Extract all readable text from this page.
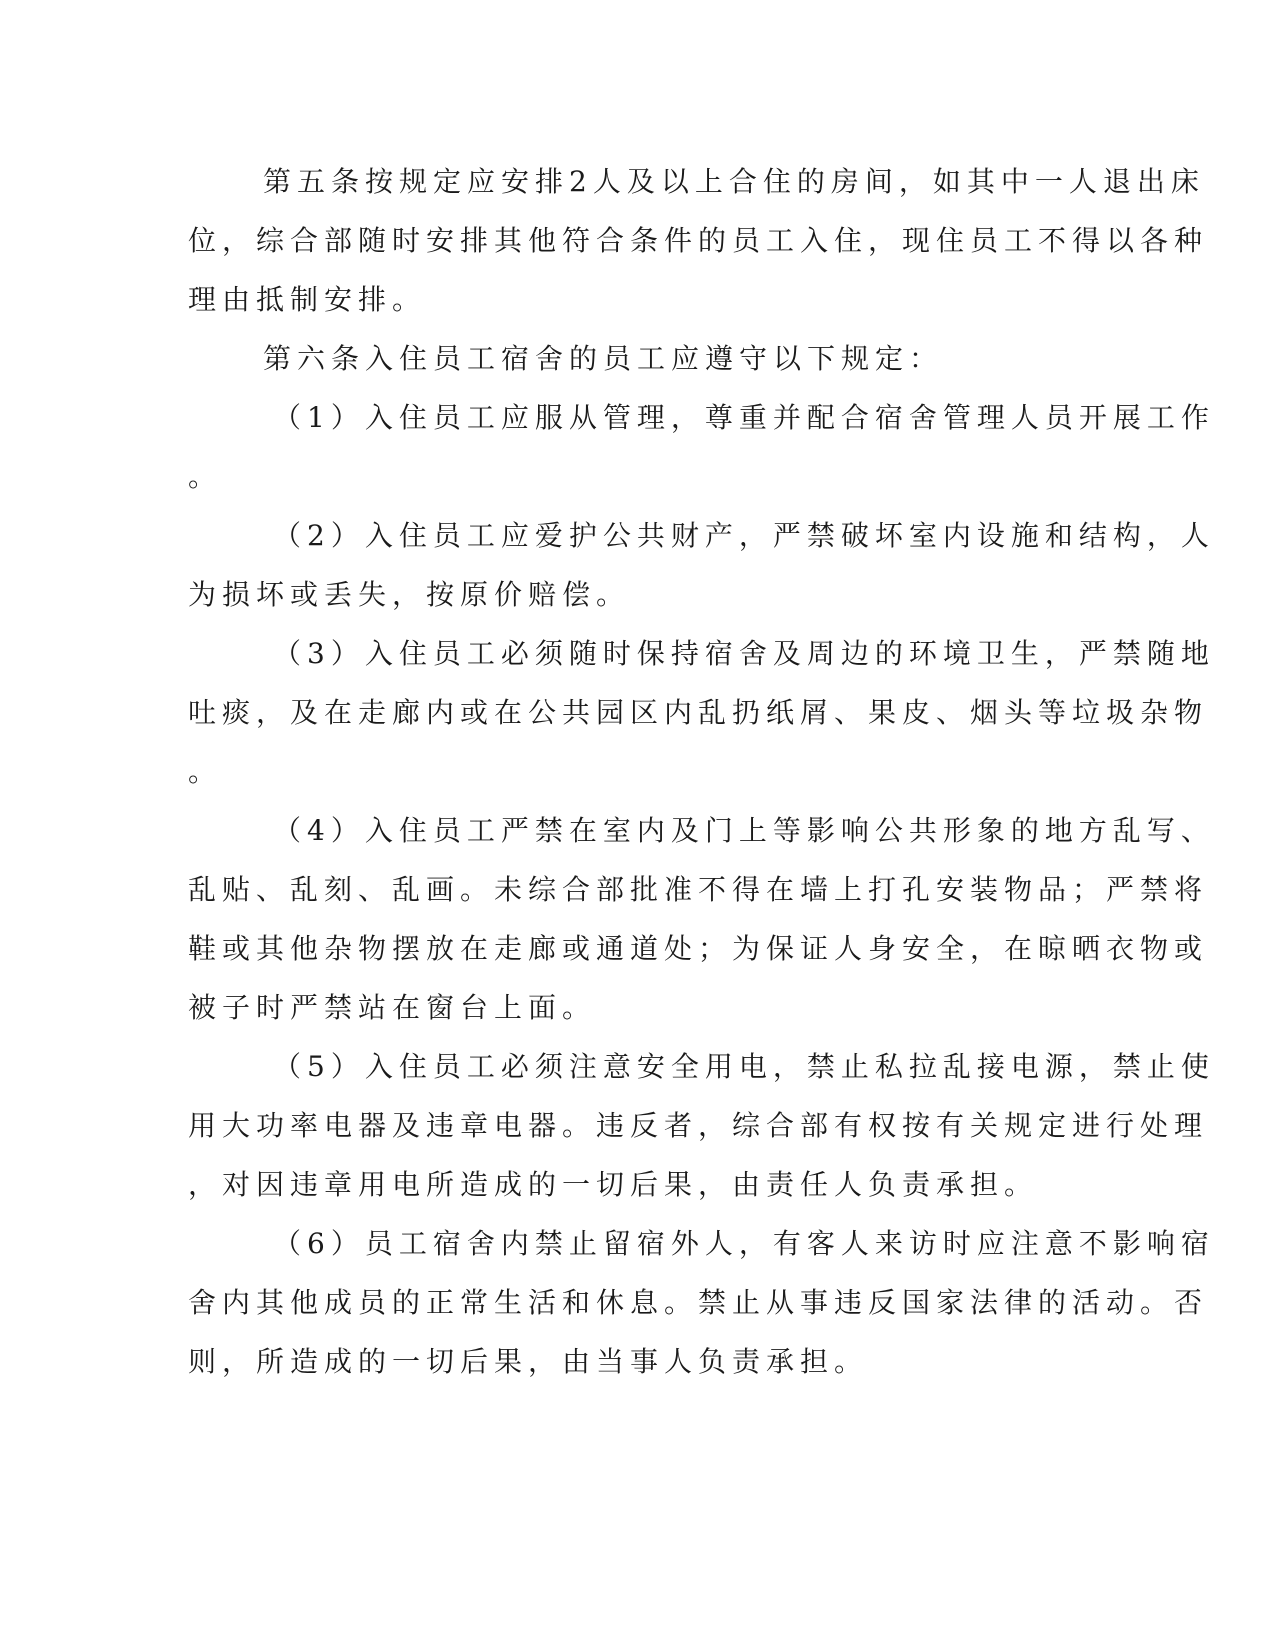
第五条按规定应安排2人及以上合住的房间，如其中一人退出床
位，综合部随时安排其他符合条件的员工入住，现住员工不得以各种
理由抵制安排。
第六条入住员工宿舍的员工应遵守以下规定：
（1）入住员工应服从管理，尊重并配合宿舍管理人员开展工作
。
（2）入住员工应爱护公共财产，严禁破坏室内设施和结构，人
为损坏或丢失，按原价赔偿。
（3）入住员工必须随时保持宿舍及周边的环境卫生，严禁随地
吐痰，及在走廊内或在公共园区内乱扔纸屑、果皮、烟头等垃圾杂物
。
（4）入住员工严禁在室内及门上等影响公共形象的地方乱写、
乱贴、乱刻、乱画。未综合部批准不得在墙上打孔安装物品；严禁将
鞋或其他杂物摆放在走廊或通道处；为保证人身安全，在晾晒衣物或
被子时严禁站在窗台上面。
（5）入住员工必须注意安全用电，禁止私拉乱接电源，禁止使
用大功率电器及违章电器。违反者，综合部有权按有关规定进行处理
，对因违章用电所造成的一切后果，由责任人负责承担。
（6）员工宿舍内禁止留宿外人，有客人来访时应注意不影响宿
舍内其他成员的正常生活和休息。禁止从事违反国家法律的活动。否
则，所造成的一切后果，由当事人负责承担。
